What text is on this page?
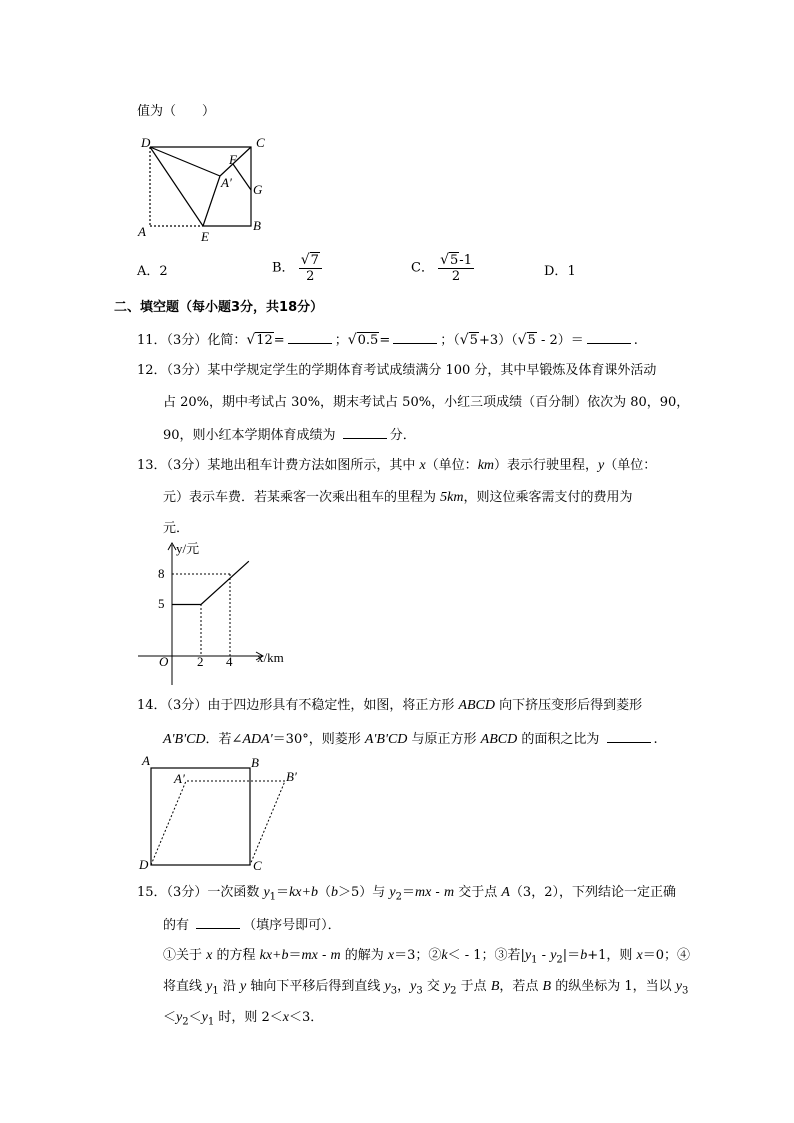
值为（　　）
D	C
F
A′ G
B
A	E
y/元
8
5
O 2 4 x/km
A	B
A′	B′
D	C
A．2	B． $\frac{√7}{2}$	C． $\frac{√5-1}{2}$	D．1
二、填空题（每小题3分，共18分）
11．（3分）化简：√12=	；√0.5=	；（√5+3）（√5 - 2）＝	.
12．（3分）某中学规定学生的学期体育考试成绩满分 100 分，其中早锻炼及体育课外活动
占 20%，期中考试占 30%，期末考试占 50%，小红三项成绩（百分制）依次为 80，90，
90，则小红本学期体育成绩为	分．
13．（3分）某地出租车计费方法如图所示，其中 x（单位：km）表示行驶里程，y（单位：
元）表示车费．若某乘客一次乘出租车的里程为 5km，则这位乘客需支付的费用为
元．
14．（3分）由于四边形具有不稳定性，如图，将正方形 ABCD 向下挤压变形后得到菱形
A'B'CD．若∠ADA'＝30°，则菱形 A'B'CD 与原正方形 ABCD 的面积之比为	.
15．（3分）一次函数 $y_1=kx+b(b>5)$与 $y_2=mx - m$ 交于点 A（3，2），下列结论一定正确
的有	（填序号即可）．
①关于 x 的方程 kx+b＝mx - m 的解为 x＝3；②k＜ - 1；③若$|y_1 - y_2|=b+1$，则 x＝0；④
将直线 $y_1$ 沿 y 轴向下平移后得到直线 $y_3$，$y_3$ 交 $y_2$ 于点 B，若点 B 的纵坐标为 1，当以 $y_3$
$<y_2<y_1$ 时，则 2＜x＜3．
